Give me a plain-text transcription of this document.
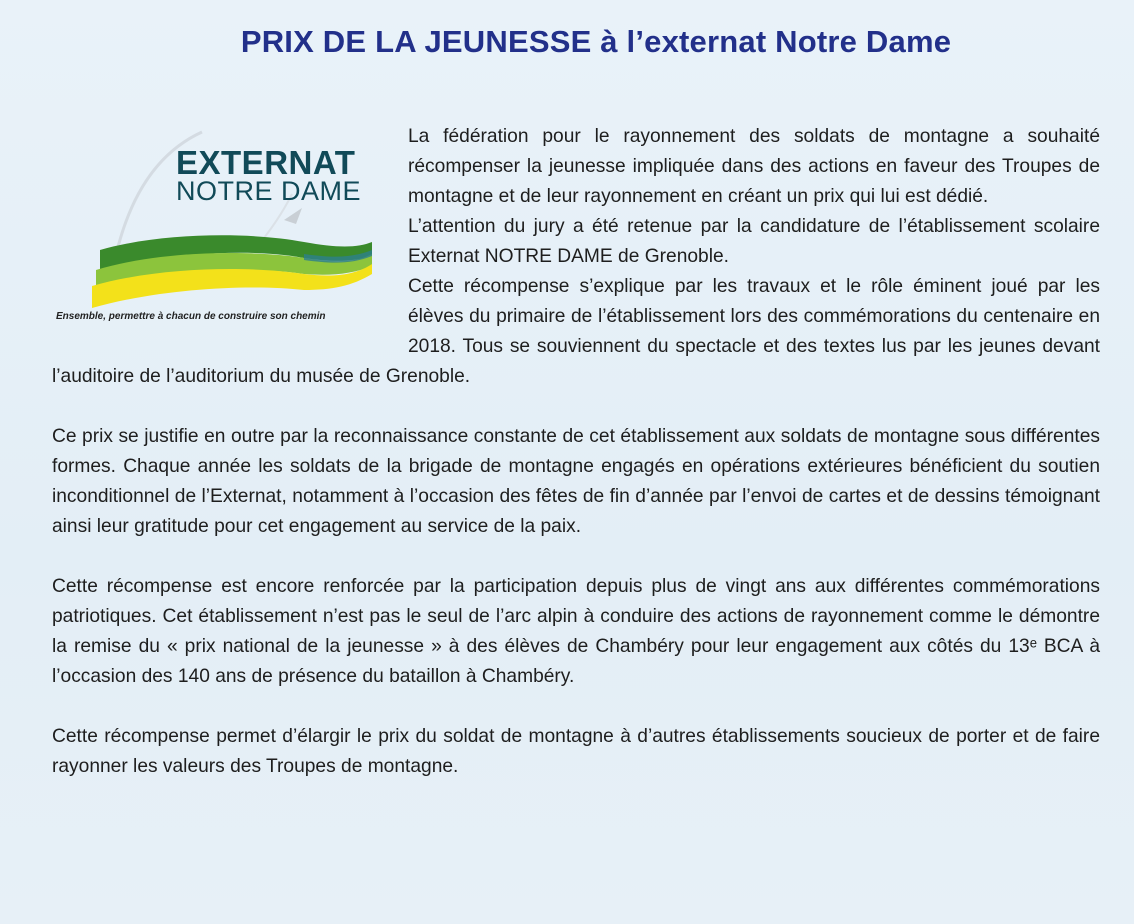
PRIX DE LA JEUNESSE à l’externat Notre Dame
EXTERNAT
NOTRE DAME
Ensemble, permettre à chacun de construire son chemin

La fédération pour le rayonnement des soldats de montagne a souhaité récompenser la jeunesse impliquée dans des actions en faveur des Troupes de montagne et de leur rayonnement en créant un prix qui lui est dédié.

L’attention du jury a été retenue par la candidature de l’établissement scolaire Externat NOTRE DAME de Grenoble.

Cette récompense s’explique par les travaux et le rôle éminent joué par les élèves du primaire de l’établissement lors des commémorations du centenaire en 2018. Tous se souviennent du spectacle et des textes lus par les jeunes devant l’auditoire de l’auditorium du musée de Grenoble.

Ce prix se justifie en outre par la reconnaissance constante de cet établissement aux soldats de montagne sous différentes formes. Chaque année les soldats de la brigade de montagne engagés en opérations extérieures bénéficient du soutien inconditionnel de l’Externat, notamment à l’occasion des fêtes de fin d’année par l’envoi de cartes et de dessins témoignant ainsi leur gratitude pour cet engagement au service de la paix.

Cette récompense est encore renforcée par la participation depuis plus de vingt ans aux différentes commémorations patriotiques. Cet établissement n’est pas le seul de l’arc alpin à conduire des actions de rayonnement comme le démontre la remise du « prix national de la jeunesse » à des élèves de Chambéry pour leur engagement aux côtés du 13ᵉ BCA à l’occasion des 140 ans de présence du bataillon à Chambéry.

Cette récompense permet d’élargir le prix du soldat de montagne à d’autres établissements soucieux de porter et de faire rayonner les valeurs des Troupes de montagne.
